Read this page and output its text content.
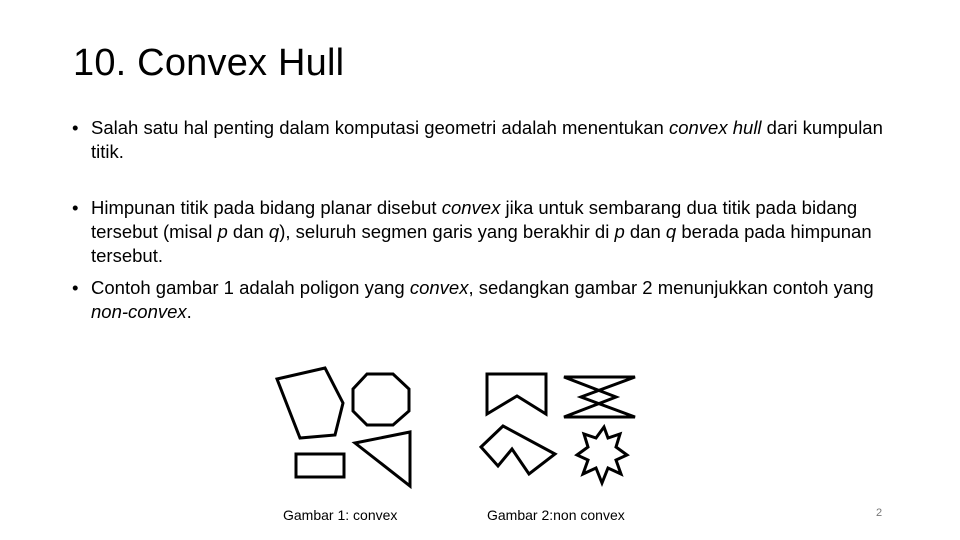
10. Convex Hull
• Salah satu hal penting dalam komputasi geometri adalah menentukan convex hull dari kumpulan titik.
• Himpunan titik pada bidang planar disebut convex jika untuk sembarang dua titik pada bidang tersebut (misal p dan q), seluruh segmen garis yang berakhir di p dan q berada pada himpunan tersebut.
• Contoh gambar 1 adalah poligon yang convex, sedangkan gambar 2 menunjukkan contoh yang non-convex.
Gambar 1: convex	Gambar 2:non convex	2
